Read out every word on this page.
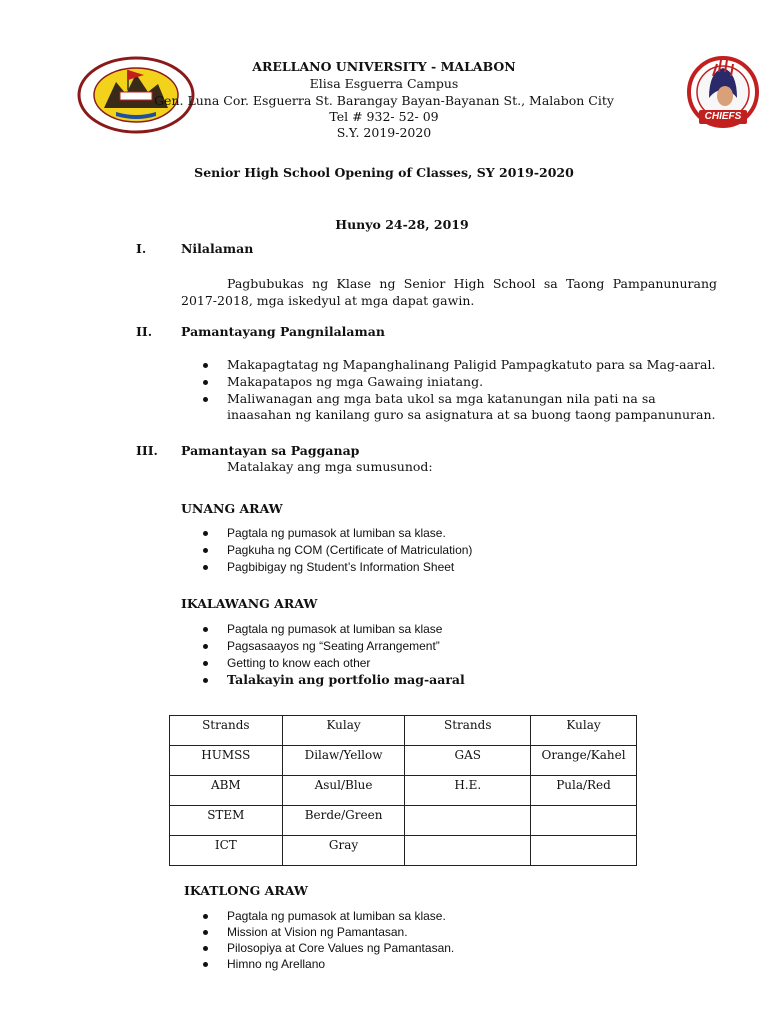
CHIEFS
ARELLANO UNIVERSITY - MALABON
Elisa Esguerra Campus
Gen. Luna Cor. Esguerra St. Barangay Bayan-Bayanan St., Malabon City
Tel # 932- 52- 09
S.Y. 2019-2020
Senior High School Opening of Classes, SY 2019-2020
Hunyo 24-28, 2019
I.	Nilalaman
Pagbubukas ng Klase ng Senior High School sa Taong Pampanunurang 2017-2018, mga iskedyul at mga dapat gawin.
II. Pamantayang Pangnilalaman
Makapagtatag ng Mapanghalinang Paligid Pampagkatuto para sa Mag-aaral.
Makapatapos ng mga Gawaing iniatang.
Maliwanagan ang mga bata ukol sa mga katanungan nila pati na sa inaasahan ng kanilang guro sa asignatura at sa buong taong pampanunuran.
III. Pamantayan sa Pagganap
Matalakay ang mga sumusunod:
UNANG ARAW
Pagtala ng pumasok at lumiban sa klase.
Pagkuha ng COM (Certificate of Matriculation)
Pagbibigay ng Student’s Information Sheet
IKALAWANG ARAW
Pagtala ng pumasok at lumiban sa klase
Pagsasaayos ng “Seating Arrangement”
Getting to know each other
Talakayin ang portfolio mag-aaral
Strands	Kulay	Strands	Kulay
HUMSS	Dilaw/Yellow	GAS	Orange/Kahel
ABM	Asul/Blue	H.E.	Pula/Red
STEM	Berde/Green		
ICT	Gray		
IKATLONG ARAW
Pagtala ng pumasok at lumiban sa klase.
Mission at Vision ng Pamantasan.
Pilosopiya at Core Values ng Pamantasan.
Himno ng Arellano
